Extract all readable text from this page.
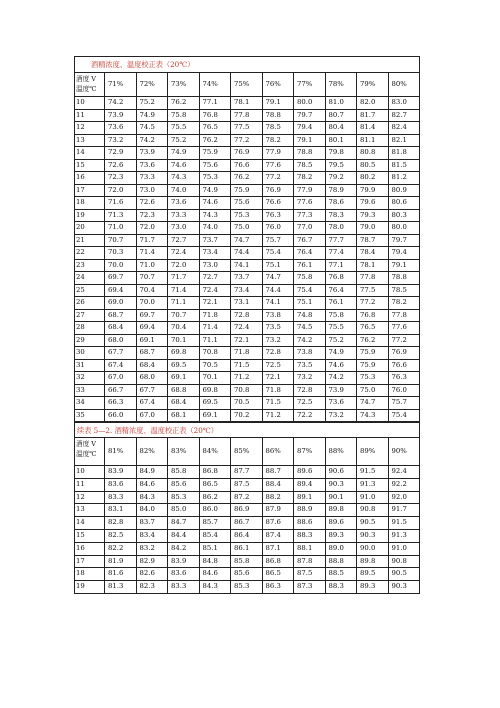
酒精浓度、温度校正表（20℃）
酒度 V
温度℃	71%	72%	73%	74%	75%	76%	77%	78%	79%	80%
10	74.2	75.2	76.2	77.1	78.1	79.1	80.0	81.0	82.0	83.0
11	73.9	74.9	75.8	76.8	77.8	78.8	79.7	80.7	81.7	82.7
12	73.6	74.5	75.5	76.5	77.5	78.5	79.4	80.4	81.4	82.4
13	73.2	74.2	75.2	76.2	77.2	78.2	79.1	80.1	81.1	82.1
14	72.9	73.9	74.9	75.9	76.9	77.9	78.8	79.8	80.8	81.8
15	72.6	73.6	74.6	75.6	76.6	77.6	78.5	79.5	80.5	81.5
16	72.3	73.3	74.3	75.3	76.2	77.2	78.2	79.2	80.2	81.2
17	72.0	73.0	74.0	74.9	75.9	76.9	77.9	78.9	79.9	80.9
18	71.6	72.6	73.6	74.6	75.6	76.6	77.6	78.6	79.6	80.6
19	71.3	72.3	73.3	74.3	75.3	76.3	77.3	78.3	79.3	80.3
20	71.0	72.0	73.0	74.0	75.0	76.0	77.0	78.0	79.0	80.0
21	70.7	71.7	72.7	73.7	74.7	75.7	76.7	77.7	78.7	79.7
22	70.3	71.4	72.4	73.4	74.4	75.4	76.4	77.4	78.4	79.4
23	70.0	71.0	72.0	73.0	74.1	75.1	76.1	77.1	78.1	79.1
24	69.7	70.7	71.7	72.7	73.7	74.7	75.8	76.8	77.8	78.8
25	69.4	70.4	71.4	72.4	73.4	74.4	75.4	76.4	77.5	78.5
26	69.0	70.0	71.1	72.1	73.1	74.1	75.1	76.1	77.2	78.2
27	68.7	69.7	70.7	71.8	72.8	73.8	74.8	75.8	76.8	77.8
28	68.4	69.4	70.4	71.4	72.4	73.5	74.5	75.5	76.5	77.6
29	68.0	69.1	70.1	71.1	72.1	73.2	74.2	75.2	76.2	77.2
30	67.7	68.7	69.8	70.8	71.8	72.8	73.8	74.9	75.9	76.9
31	67.4	68.4	69.5	70.5	71.5	72.5	73.5	74.6	75.9	76.6
32	67.0	68.0	69.1	70.1	71.2	72.1	73.2	74.2	75.3	76.3
33	66.7	67.7	68.8	69.8	70.8	71.8	72.8	73.9	75.0	76.0
34	66.3	67.4	68.4	69.5	70.5	71.5	72.5	73.6	74.7	75.7
35	66.0	67.0	68.1	69.1	70.2	71.2	72.2	73.2	74.3	75.4
续表 5—2. 酒精浓度、温度校正表（20℃）
酒度 V
温度℃	81%	82%	83%	84%	85%	86%	87%	88%	89%	90%
10	83.9	84.9	85.8	86.8	87.7	88.7	89.6	90.6	91.5	92.4
11	83.6	84.6	85.6	86.5	87.5	88.4	89.4	90.3	91.3	92.2
12	83.3	84.3	85.3	86.2	87.2	88.2	89.1	90.1	91.0	92.0
13	83.1	84.0	85.0	86.0	86.9	87.9	88.9	89.8	90.8	91.7
14	82.8	83.7	84.7	85.7	86.7	87.6	88.6	89.6	90.5	91.5
15	82.5	83.4	84.4	85.4	86.4	87.4	88.3	89.3	90.3	91.3
16	82.2	83.2	84.2	85.1	86.1	87.1	88.1	89.0	90.0	91.0
17	81.9	82.9	83.9	84.8	85.8	86.8	87.8	88.8	89.8	90.8
18	81.6	82.6	83.6	84.6	85.6	86.5	87.5	88.5	89.5	90.5
19	81.3	82.3	83.3	84.3	85.3	86.3	87.3	88.3	89.3	90.3
